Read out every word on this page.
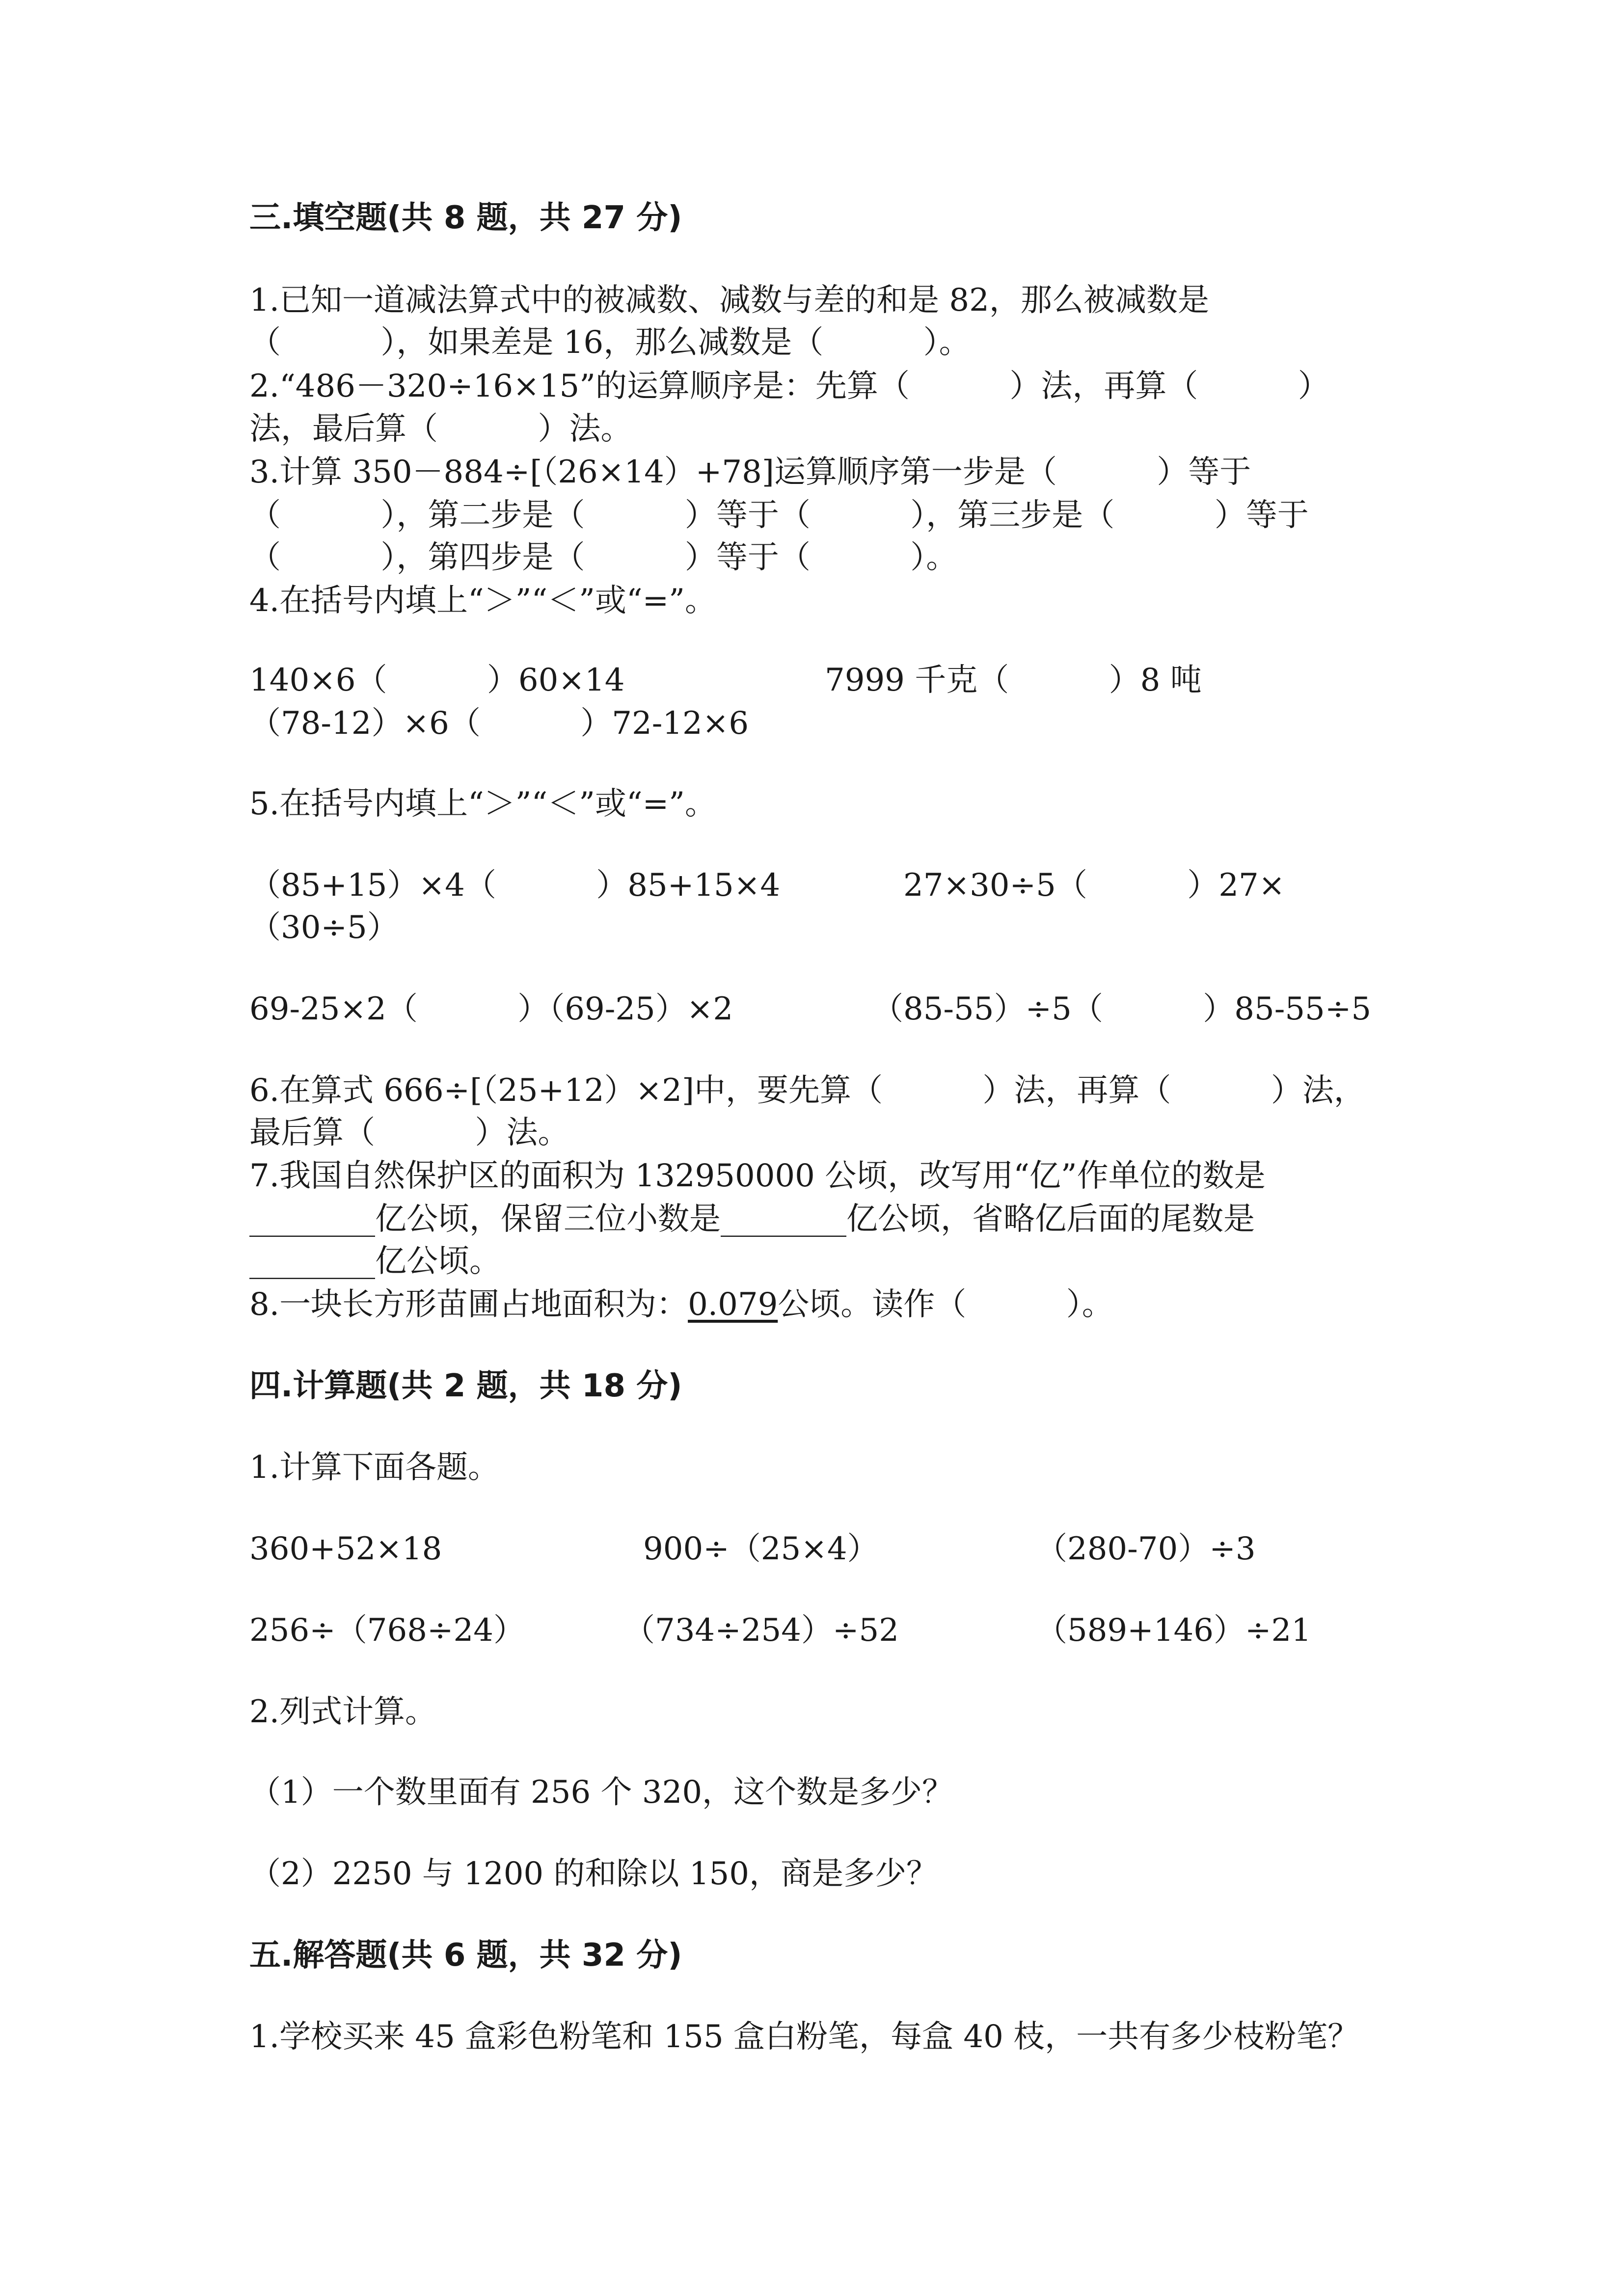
三.填空题(共 8 题，共 27 分)
1.已知一道减法算式中的被减数、减数与差的和是 82，那么被减数是
（          ），如果差是 16，那么减数是（          ）。
2.“486－320÷16×15”的运算顺序是：先算（          ）法，再算（          ）
法，最后算（          ）法。
3.计算 350－884÷[（26×14）+78]运算顺序第一步是（          ）等于
（          ），第二步是（          ）等于（          ），第三步是（          ）等于
（          ），第四步是（          ）等于（          ）。
4.在括号内填上“＞”“＜”或“=”。
140×6（          ）60×14	7999 千克（          ）8 吨
（78-12）×6（          ）72-12×6
5.在括号内填上“＞”“＜”或“=”。
（85+15）×4（          ）85+15×4	27×30÷5（          ）27×
（30÷5）
69-25×2（          ）（69-25）×2	（85-55）÷5（          ）85-55÷5
6.在算式 666÷[（25+12）×2]中，要先算（          ）法，再算（          ）法，
最后算（          ）法。
7.我国自然保护区的面积为 132950000 公顷，改写用“亿”作单位的数是
________亿公顷，保留三位小数是________亿公顷，省略亿后面的尾数是
________亿公顷。
8.一块长方形苗圃占地面积为：0.079公顷。读作（          ）。
四.计算题(共 2 题，共 18 分)
1.计算下面各题。
360+52×18	900÷（25×4）	（280-70）÷3
256÷（768÷24）	（734÷254）÷52	（589+146）÷21
2.列式计算。
（1）一个数里面有 256 个 320，这个数是多少？
（2）2250 与 1200 的和除以 150，商是多少？
五.解答题(共 6 题，共 32 分)
1.学校买来 45 盒彩色粉笔和 155 盒白粉笔，每盒 40 枝，一共有多少枝粉笔？
